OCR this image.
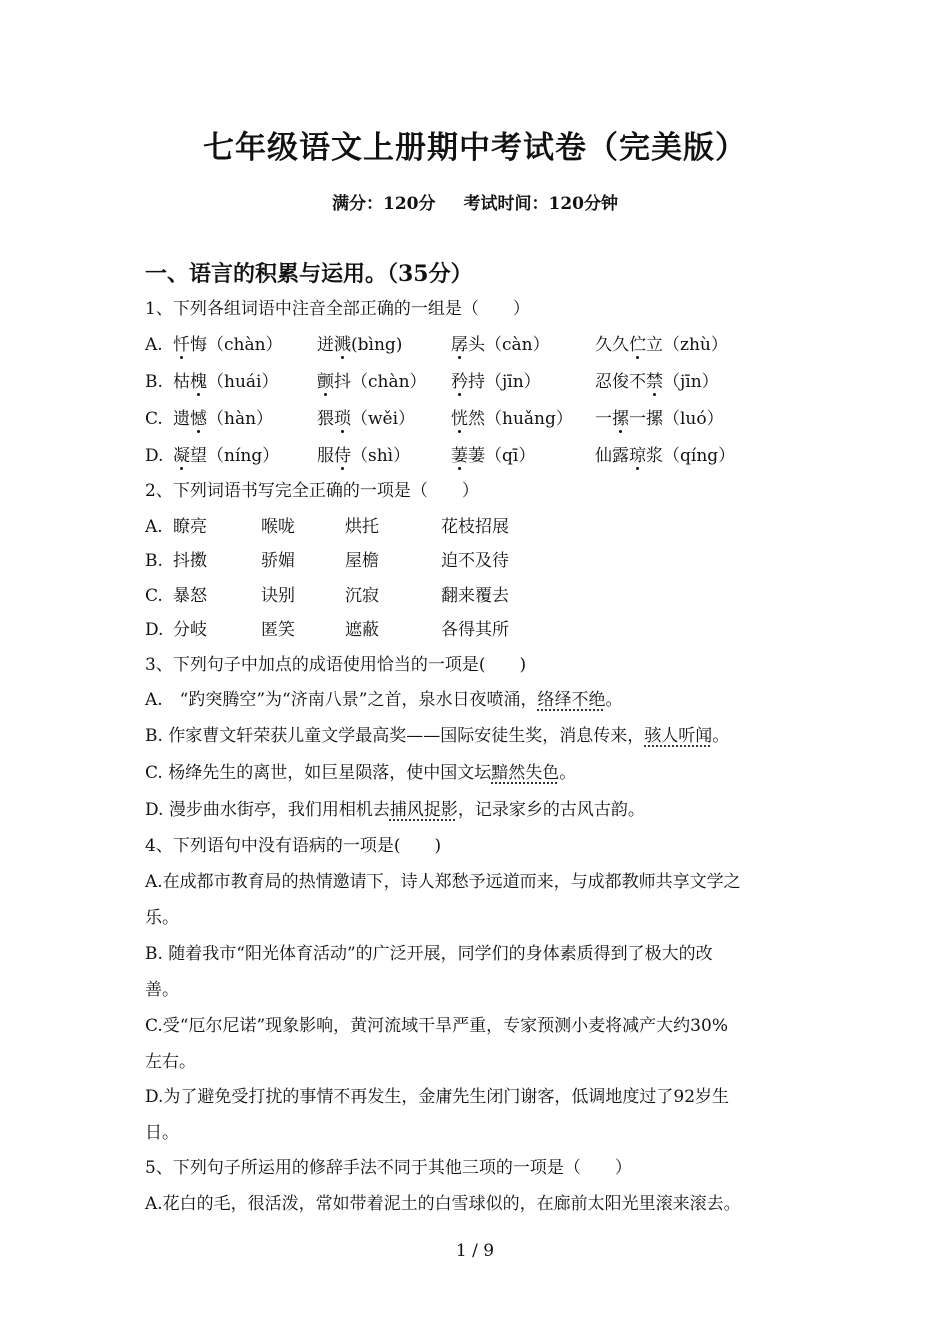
七年级语文上册期中考试卷（完美版）
满分：120分 考试时间：120分钟
一、语言的积累与运用。（35分）
1、下列各组词语中注音全部正确的一组是（　　）
A. 忏悔（chàn） 迸溅(bìng)	孱头（càn）	久久伫立（zhù）
B. 枯槐（huái） 颤抖（chàn） 矜持（jīn）	忍俊不禁（jīn）
C. 遗憾（hàn）	猥琐（wěi） 恍然（huǎng） 一摞一摞（luó）
D. 凝望（níng） 服侍（shì） 萋萋（qī）	仙露琼浆（qíng）
2、下列词语书写完全正确的一项是（　　）
A. 瞭亮	喉咙	烘托	花枝招展
B. 抖擞	骄媚	屋檐	迫不及待
C. 暴怒	诀别	沉寂	翻来覆去
D. 分岐	匿笑	遮蔽	各得其所
3、下列句子中加点的成语使用恰当的一项是(　　)
A.　“趵突腾空”为“济南八景”之首，泉水日夜喷涌，络绎不绝。
B. 作家曹文轩荣获儿童文学最高奖——国际安徒生奖，消息传来，骇人听闻。
C. 杨绛先生的离世，如巨星陨落，使中国文坛黯然失色。
D. 漫步曲水街亭，我们用相机去捕风捉影，记录家乡的古风古韵。
4、下列语句中没有语病的一项是(　　)
A.在成都市教育局的热情邀请下，诗人郑愁予远道而来，与成都教师共享文学之
乐。
B. 随着我市“阳光体育活动”的广泛开展，同学们的身体素质得到了极大的改
善。
C.受“厄尔尼诺”现象影响，黄河流域干旱严重，专家预测小麦将减产大约30%
左右。
D.为了避免受打扰的事情不再发生，金庸先生闭门谢客，低调地度过了92岁生
日。
5、下列句子所运用的修辞手法不同于其他三项的一项是（　　）
A.花白的毛，很活泼，常如带着泥土的白雪球似的，在廊前太阳光里滚来滚去。
1 / 9
